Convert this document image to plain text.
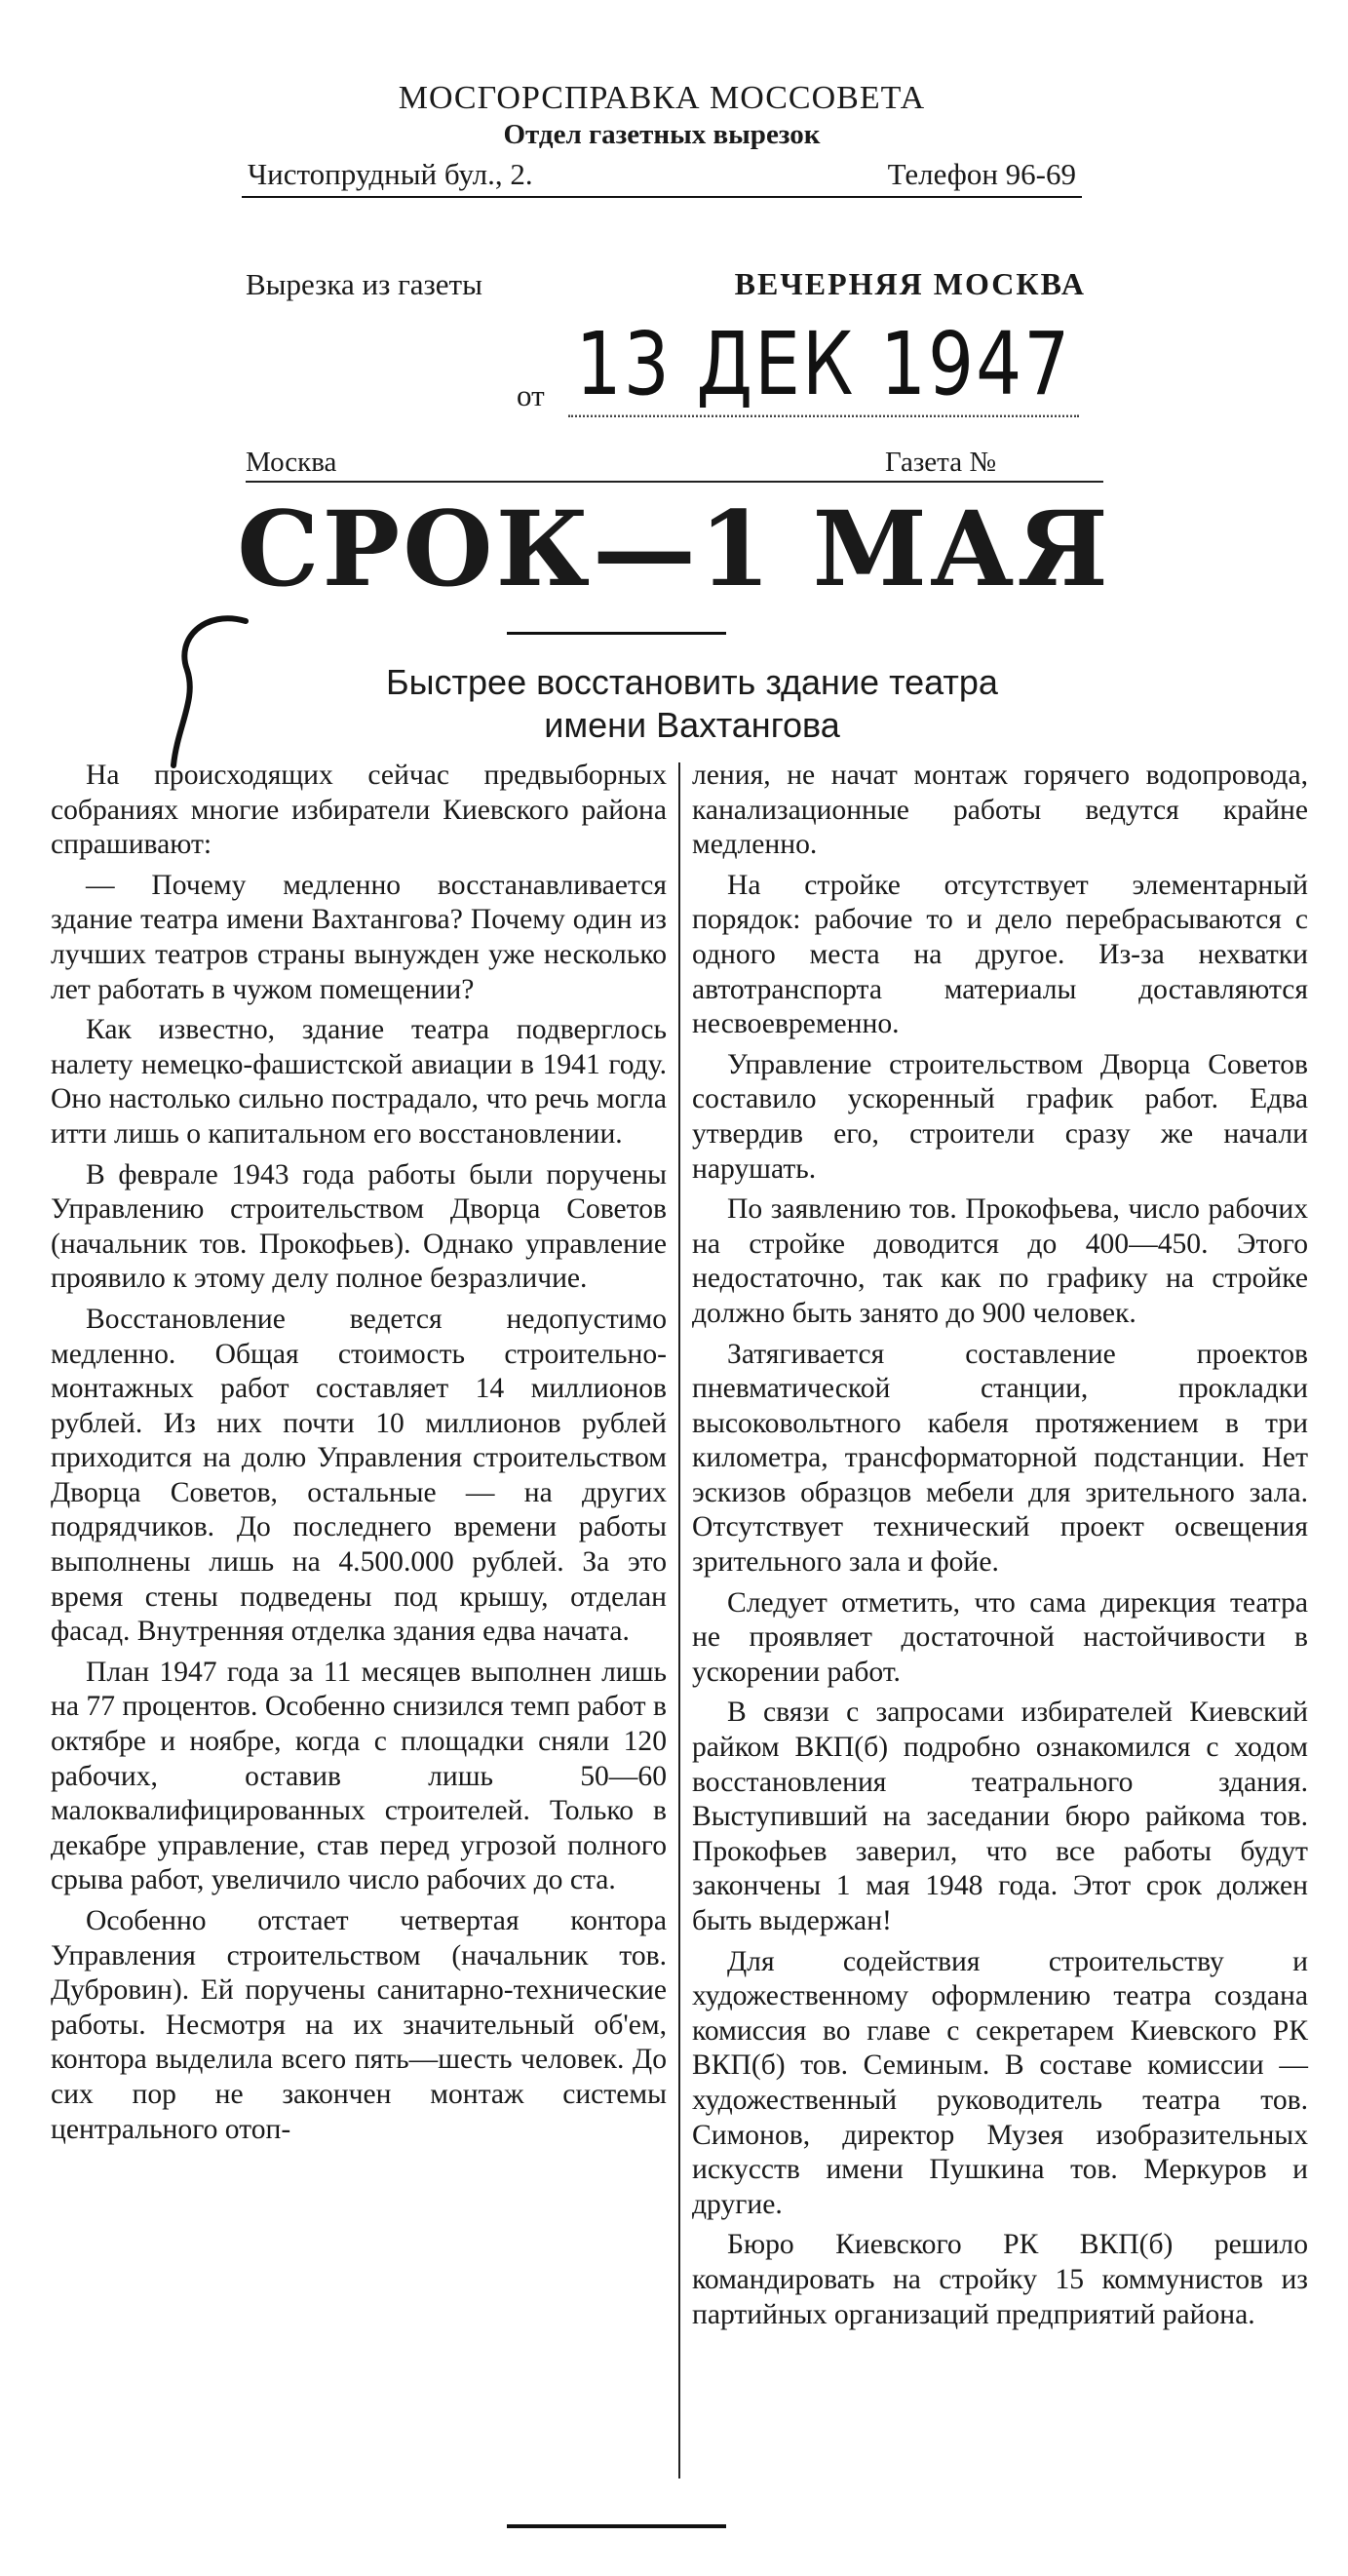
МОСГОРСПРАВКА МОССОВЕТА
Отдел газетных вырезок
Чистопрудный бул., 2.	Телефон 96-69
Вырезка из газеты	ВЕЧЕРНЯЯ МОСКВА
от 13 ДЕК 1947
Москва	Газета №
СРОК—1 МАЯ
Быстрее восстановить здание театра
имени Вахтангова

На происходящих сейчас предвыборных собраниях многие избиратели Киевского района спрашивают:

— Почему медленно восстанавливается здание театра имени Вахтангова? Почему один из лучших театров страны вынужден уже несколько лет работать в чужом помещении?

Как известно, здание театра подверглось налету немецко-фашистской авиации в 1941 году. Оно настолько сильно пострадало, что речь могла итти лишь о капитальном его восстановлении.

В феврале 1943 года работы были поручены Управлению строительством Дворца Советов (начальник тов. Прокофьев). Однако управление проявило к этому делу полное безразличие.

Восстановление ведется недопустимо медленно. Общая стоимость строительно-монтажных работ составляет 14 миллионов рублей. Из них почти 10 миллионов рублей приходится на долю Управления строительством Дворца Советов, остальные — на других подрядчиков. До последнего времени работы выполнены лишь на 4.500.000 рублей. За это время стены подведены под крышу, отделан фасад. Внутренняя отделка здания едва начата.

План 1947 года за 11 месяцев выполнен лишь на 77 процентов. Особенно снизился темп работ в октябре и ноябре, когда с площадки сняли 120 рабочих, оставив лишь 50—60 малоквалифицированных строителей. Только в декабре управление, став перед угрозой полного срыва работ, увеличило число рабочих до ста.

Особенно отстает четвертая контора Управления строительством (начальник тов. Дубровин). Ей поручены санитарно-технические работы. Несмотря на их значительный об'ем, контора выделила всего пять—шесть человек. До сих пор не закончен монтаж системы центрального отоп-

ления, не начат монтаж горячего водопровода, канализационные работы ведутся крайне медленно.

На стройке отсутствует элементарный порядок: рабочие то и дело перебрасываются с одного места на другое. Из-за нехватки автотранспорта материалы доставляются несвоевременно.

Управление строительством Дворца Советов составило ускоренный график работ. Едва утвердив его, строители сразу же начали нарушать.

По заявлению тов. Прокофьева, число рабочих на стройке доводится до 400—450. Этого недостаточно, так как по графику на стройке должно быть занято до 900 человек.

Затягивается составление проектов пневматической станции, прокладки высоковольтного кабеля протяжением в три километра, трансформаторной подстанции. Нет эскизов образцов мебели для зрительного зала. Отсутствует технический проект освещения зрительного зала и фойе.

Следует отметить, что сама дирекция театра не проявляет достаточной настойчивости в ускорении работ.

В связи с запросами избирателей Киевский райком ВКП(б) подробно ознакомился с ходом восстановления театрального здания. Выступивший на заседании бюро райкома тов. Прокофьев заверил, что все работы будут закончены 1 мая 1948 года. Этот срок должен быть выдержан!

Для содействия строительству и художественному оформлению театра создана комиссия во главе с секретарем Киевского РК ВКП(б) тов. Семиным. В составе комиссии — художественный руководитель театра тов. Симонов, директор Музея изобразительных искусств имени Пушкина тов. Меркуров и другие.

Бюро Киевского РК ВКП(б) решило командировать на стройку 15 коммунистов из партийных организаций предприятий района.
